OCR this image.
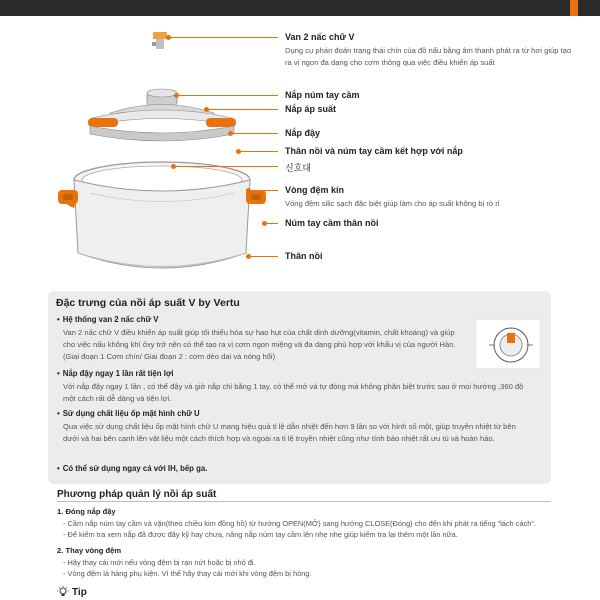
Van 2 nấc chữ V
Dụng cụ phán đoán trạng thái chín của đồ nấu bằng âm thanh phát ra từ hơi giúp tạo ra vị ngon đa dạng cho cơm thông qua việc điều khiển áp suất
Nắp núm tay cầm
Nắp áp suất
Nắp đậy
Thân nồi và núm tay cầm kết hợp với nắp
신호대
Vòng đệm kín
Vòng đệm silic sạch đặc biệt giúp làm cho áp suất không bị rò rỉ
Núm tay cầm thân nồi
Thân nồi
Đặc trưng của nồi áp suất V by Vertu
• Hệ thống van 2 nấc chữ V
Van 2 nấc chữ V điều khiển áp suất giúp tối thiểu hóa sự hao hụt của chất dinh dưỡng(vitamin, chất khoáng) và giúp cho việc nấu không khí ôxy trở nên có thể tạo ra vị cơm ngon miệng và đa dạng phù hợp với khẩu vị của người Hàn. (Giai đoạn 1 Cơm chín/ Giai đoạn 2 : cơm dẻo dai và nóng hổi)
• Nắp đậy ngay 1 lần rất tiện lợi
Với nắp đậy ngay 1 lần , có thể đậy và giở nắp chỉ bằng 1 tay, có thể mở và tự đóng mà không phân biệt trước sau ở mọi hướng ,360 độ một cách rất dễ dàng và tiện lợi.
• Sử dụng chất liệu ốp mặt hình chữ U
Qua việc sử dụng chất liệu ốp mặt hình chữ U mang hiệu quả tỉ lệ dẫn nhiệt đến hơn 9 lần so với hình số một, giúp truyền nhiệt từ bên dưới và hai bên cạnh lên vật liệu một cách thích hợp và ngoài ra tỉ lệ truyền nhiệt cũng như tính bảo nhiệt rất ưu tú và hoàn hảo.
• Có thể sử dụng ngay cả với IH, bếp ga.
Phương pháp quản lý nồi áp suất
1. Đóng nắp đậy
- Cầm nắp núm tay cầm và vặn(theo chiều kim đồng hồ) từ hướng OPEN(MỞ) sang hướng CLOSE(Đóng) cho đến khi phát ra tiếng “lách cách”.
- Để kiểm tra xem nắp đã được đậy kỹ hay chưa, nâng nắp núm tay cầm lên nhẹ nhẹ giúp kiểm tra lại thêm một lần nữa.
2. Thay vòng đệm
- Hãy thay cái mới nếu vòng đệm bị rạn nứt hoặc bị nhỏ đi.
- Vòng đệm là hàng phụ kiện. Vì thế hãy thay cái mới khi vòng đệm bị hỏng.
Tip
